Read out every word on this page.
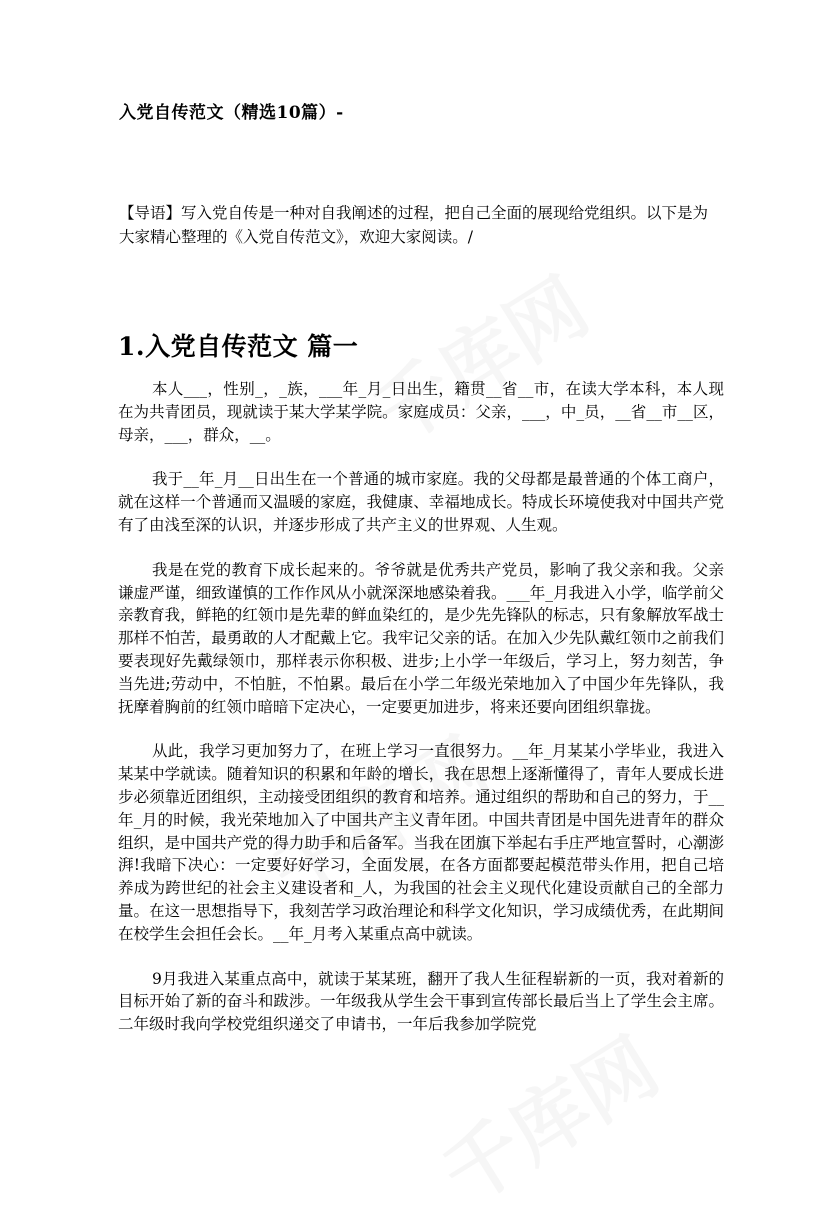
入党自传范文（精选10篇）-

【导语】写入党自传是一种对自我阐述的过程，把自己全面的展现给党组织。以下是为大家精心整理的《入党自传范文》，欢迎大家阅读。/

1.入党自传范文 篇一

本人___，性别_，_族，___年_月_日出生，籍贯__省__市，在读大学本科，本人现在为共青团员，现就读于某大学某学院。家庭成员：父亲，___，中_员，__省__市__区，母亲，___，群众，__。

我于__年_月__日出生在一个普通的城市家庭。我的父母都是最普通的个体工商户，就在这样一个普通而又温暖的家庭，我健康、幸福地成长。特成长环境使我对中国共产党有了由浅至深的认识，并逐步形成了共产主义的世界观、人生观。

我是在党的教育下成长起来的。爷爷就是优秀共产党员，影响了我父亲和我。父亲谦虚严谨，细致谨慎的工作作风从小就深深地感染着我。___年_月我进入小学，临学前父亲教育我，鲜艳的红领巾是先辈的鲜血染红的，是少先先锋队的标志，只有象解放军战士那样不怕苦，最勇敢的人才配戴上它。我牢记父亲的话。在加入少先队戴红领巾之前我们要表现好先戴绿领巾，那样表示你积极、进步;上小学一年级后，学习上，努力刻苦，争当先进;劳动中，不怕脏，不怕累。最后在小学二年级光荣地加入了中国少年先锋队，我抚摩着胸前的红领巾暗暗下定决心，一定要更加进步，将来还要向团组织靠拢。

从此，我学习更加努力了，在班上学习一直很努力。__年_月某某小学毕业，我进入某某中学就读。随着知识的积累和年龄的增长，我在思想上逐渐懂得了，青年人要成长进步必须靠近团组织，主动接受团组织的教育和培养。通过组织的帮助和自己的努力，于__年_月的时候，我光荣地加入了中国共产主义青年团。中国共青团是中国先进青年的群众组织，是中国共产党的得力助手和后备军。当我在团旗下举起右手庄严地宣誓时，心潮澎湃!我暗下决心：一定要好好学习，全面发展，在各方面都要起模范带头作用，把自己培养成为跨世纪的社会主义建设者和_人，为我国的社会主义现代化建设贡献自己的全部力量。在这一思想指导下，我刻苦学习政治理论和科学文化知识，学习成绩优秀，在此期间在校学生会担任会长。__年_月考入某重点高中就读。

9月我进入某重点高中，就读于某某班，翻开了我人生征程崭新的一页，我对着新的目标开始了新的奋斗和跋涉。一年级我从学生会干事到宣传部长最后当上了学生会主席。二年级时我向学校党组织递交了申请书，一年后我参加学院党
